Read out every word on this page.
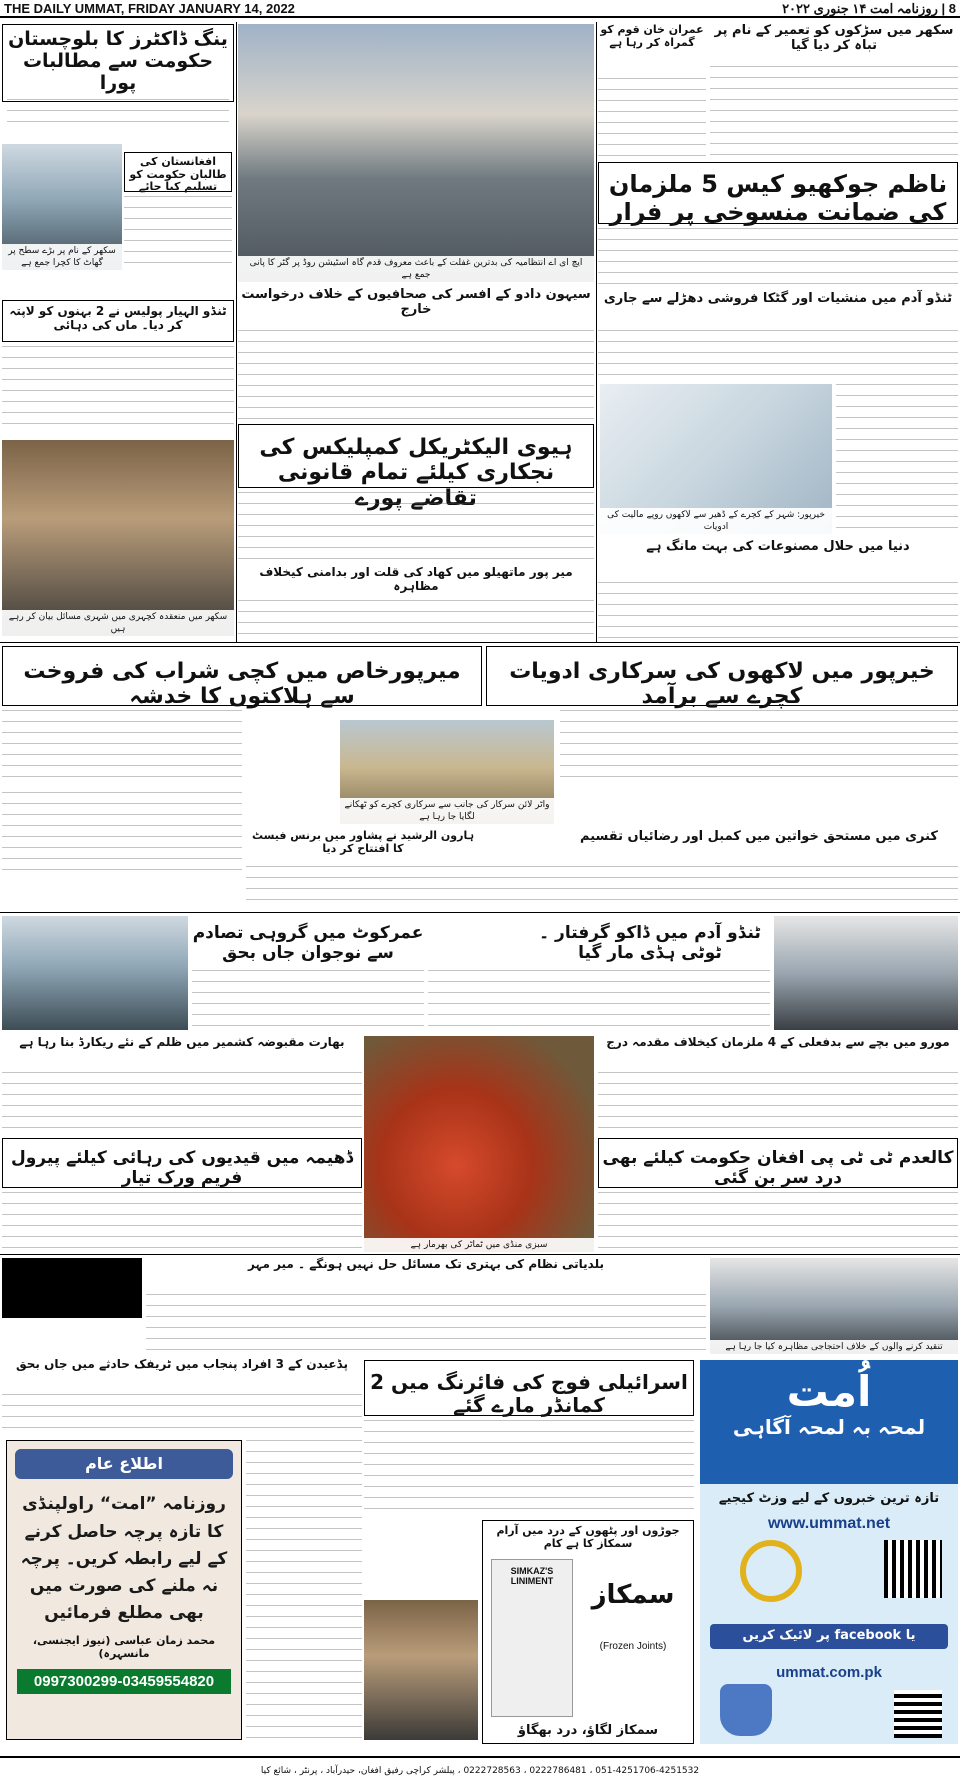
THE DAILY UMMAT, FRIDAY JANUARY 14, 2022	8 | روزنامہ امت ۱۴ جنوری ۲۰۲۲
ینگ ڈاکٹرز کا بلوچستان حکومت سے مطالبات پورا
سکھر کے نام پر بڑے سطح پر گھاٹ کا کچرا جمع ہے
افغانستان کی طالبان حکومت کو تسلیم کیا جائے
ایچ ای اے انتظامیہ کی بدترین غفلت کے باعث معروف قدم گاہ اسٹیشن روڈ پر گٹر کا پانی جمع ہے
عمران خان قوم کو گمراہ کر رہا ہے
سکھر میں سڑکوں کو تعمیر کے نام پر تباہ کر دیا گیا
ناظم جوکھیو کیس 5 ملزمان کی ضمانت منسوخی پر فرار
ٹنڈو الہیار پولیس نے 2 بہنوں کو لاپتہ کر دیا۔ ماں کی دہائی
سکھر میں منعقدہ کچہری میں شہری مسائل بیان کر رہے ہیں
سیہون دادو کے افسر کی صحافیوں کے خلاف درخواست خارج
ٹنڈو آدم میں منشیات اور گٹکا فروشی دھڑلے سے جاری
خیرپور: شہر کے کچرے کے ڈھیر سے لاکھوں روپے مالیت کی ادویات
ہیوی الیکٹریکل کمپلیکس کی نجکاری کیلئے تمام قانونی تقاضے پورے
میر پور ماتھیلو میں کھاد کی قلت اور بدامنی کیخلاف مظاہرہ
دنیا میں حلال مصنوعات کی بہت مانگ ہے
میرپورخاص میں کچی شراب کی فروخت سے ہلاکتوں کا خدشہ
خیرپور میں لاکھوں کی سرکاری ادویات کچرے سے برآمد
واٹر لائن سرکار کی جانب سے سرکاری کچرے کو ٹھکانے لگایا جا رہا ہے
ہارون الرشید نے پشاور میں برنس فیسٹ کا افتتاح کر دیا
کنری میں مستحق خواتین میں کمبل اور رضائیاں تقسیم
عمرکوٹ میں گروہی تصادم سے نوجوان جاں بحق
ٹنڈو آدم میں ڈاکو گرفتار ۔ ٹوٹی ہڈی مار گیا
بھارت مقبوضہ کشمیر میں ظلم کے نئے ریکارڈ بنا رہا ہے
سبزی منڈی میں ٹماٹر کی بھرمار ہے
مورو میں بچے سے بدفعلی کے 4 ملزمان کیخلاف مقدمہ درج
ڈھیمہ میں قیدیوں کی رہائی کیلئے پیرول فریم ورک تیار
کالعدم ٹی ٹی پی افغان حکومت کیلئے بھی درد سر بن گئی
بلدیاتی نظام کی بہتری تک مسائل حل نہیں ہونگے ۔ میر مہر
تنقید کرنے والوں کے خلاف احتجاجی مظاہرہ کیا جا رہا ہے
پڈعیدن کے 3 افراد پنجاب میں ٹریفک حادثے میں جاں بحق
اسرائیلی فوج کی فائرنگ میں 2 کمانڈر مارے گئے
اطلاع عام
روزنامہ ”امت“ راولپنڈی کا تازہ پرچہ حاصل کرنے کے لیے رابطہ کریں۔ پرچہ نہ ملنے کی صورت میں بھی مطلع فرمائیں
محمد زمان عباسی (نیوز ایجنسی، مانسہرہ)
0997300299-03459554820
جوڑوں اور پٹھوں کے درد میں آرام سمکاز کا ہے کام
SIMKAZ'S LINIMENT	سمکاز
(Frozen Joints)
سمکاز لگاؤ، درد بھگاؤ
اُمت
لمحہ بہ لمحہ آگاہی
تازہ ترین خبروں کے لیے وزٹ کیجیے
www.ummat.net
یا facebook پر لائیک کریں
ummat.com.pk
051-4251706-4251532 ، 0222786481 ، 0222728563 ، پبلشر کراچی رفیق افغان، حیدرآباد ، پرنٹر ، شائع کیا
